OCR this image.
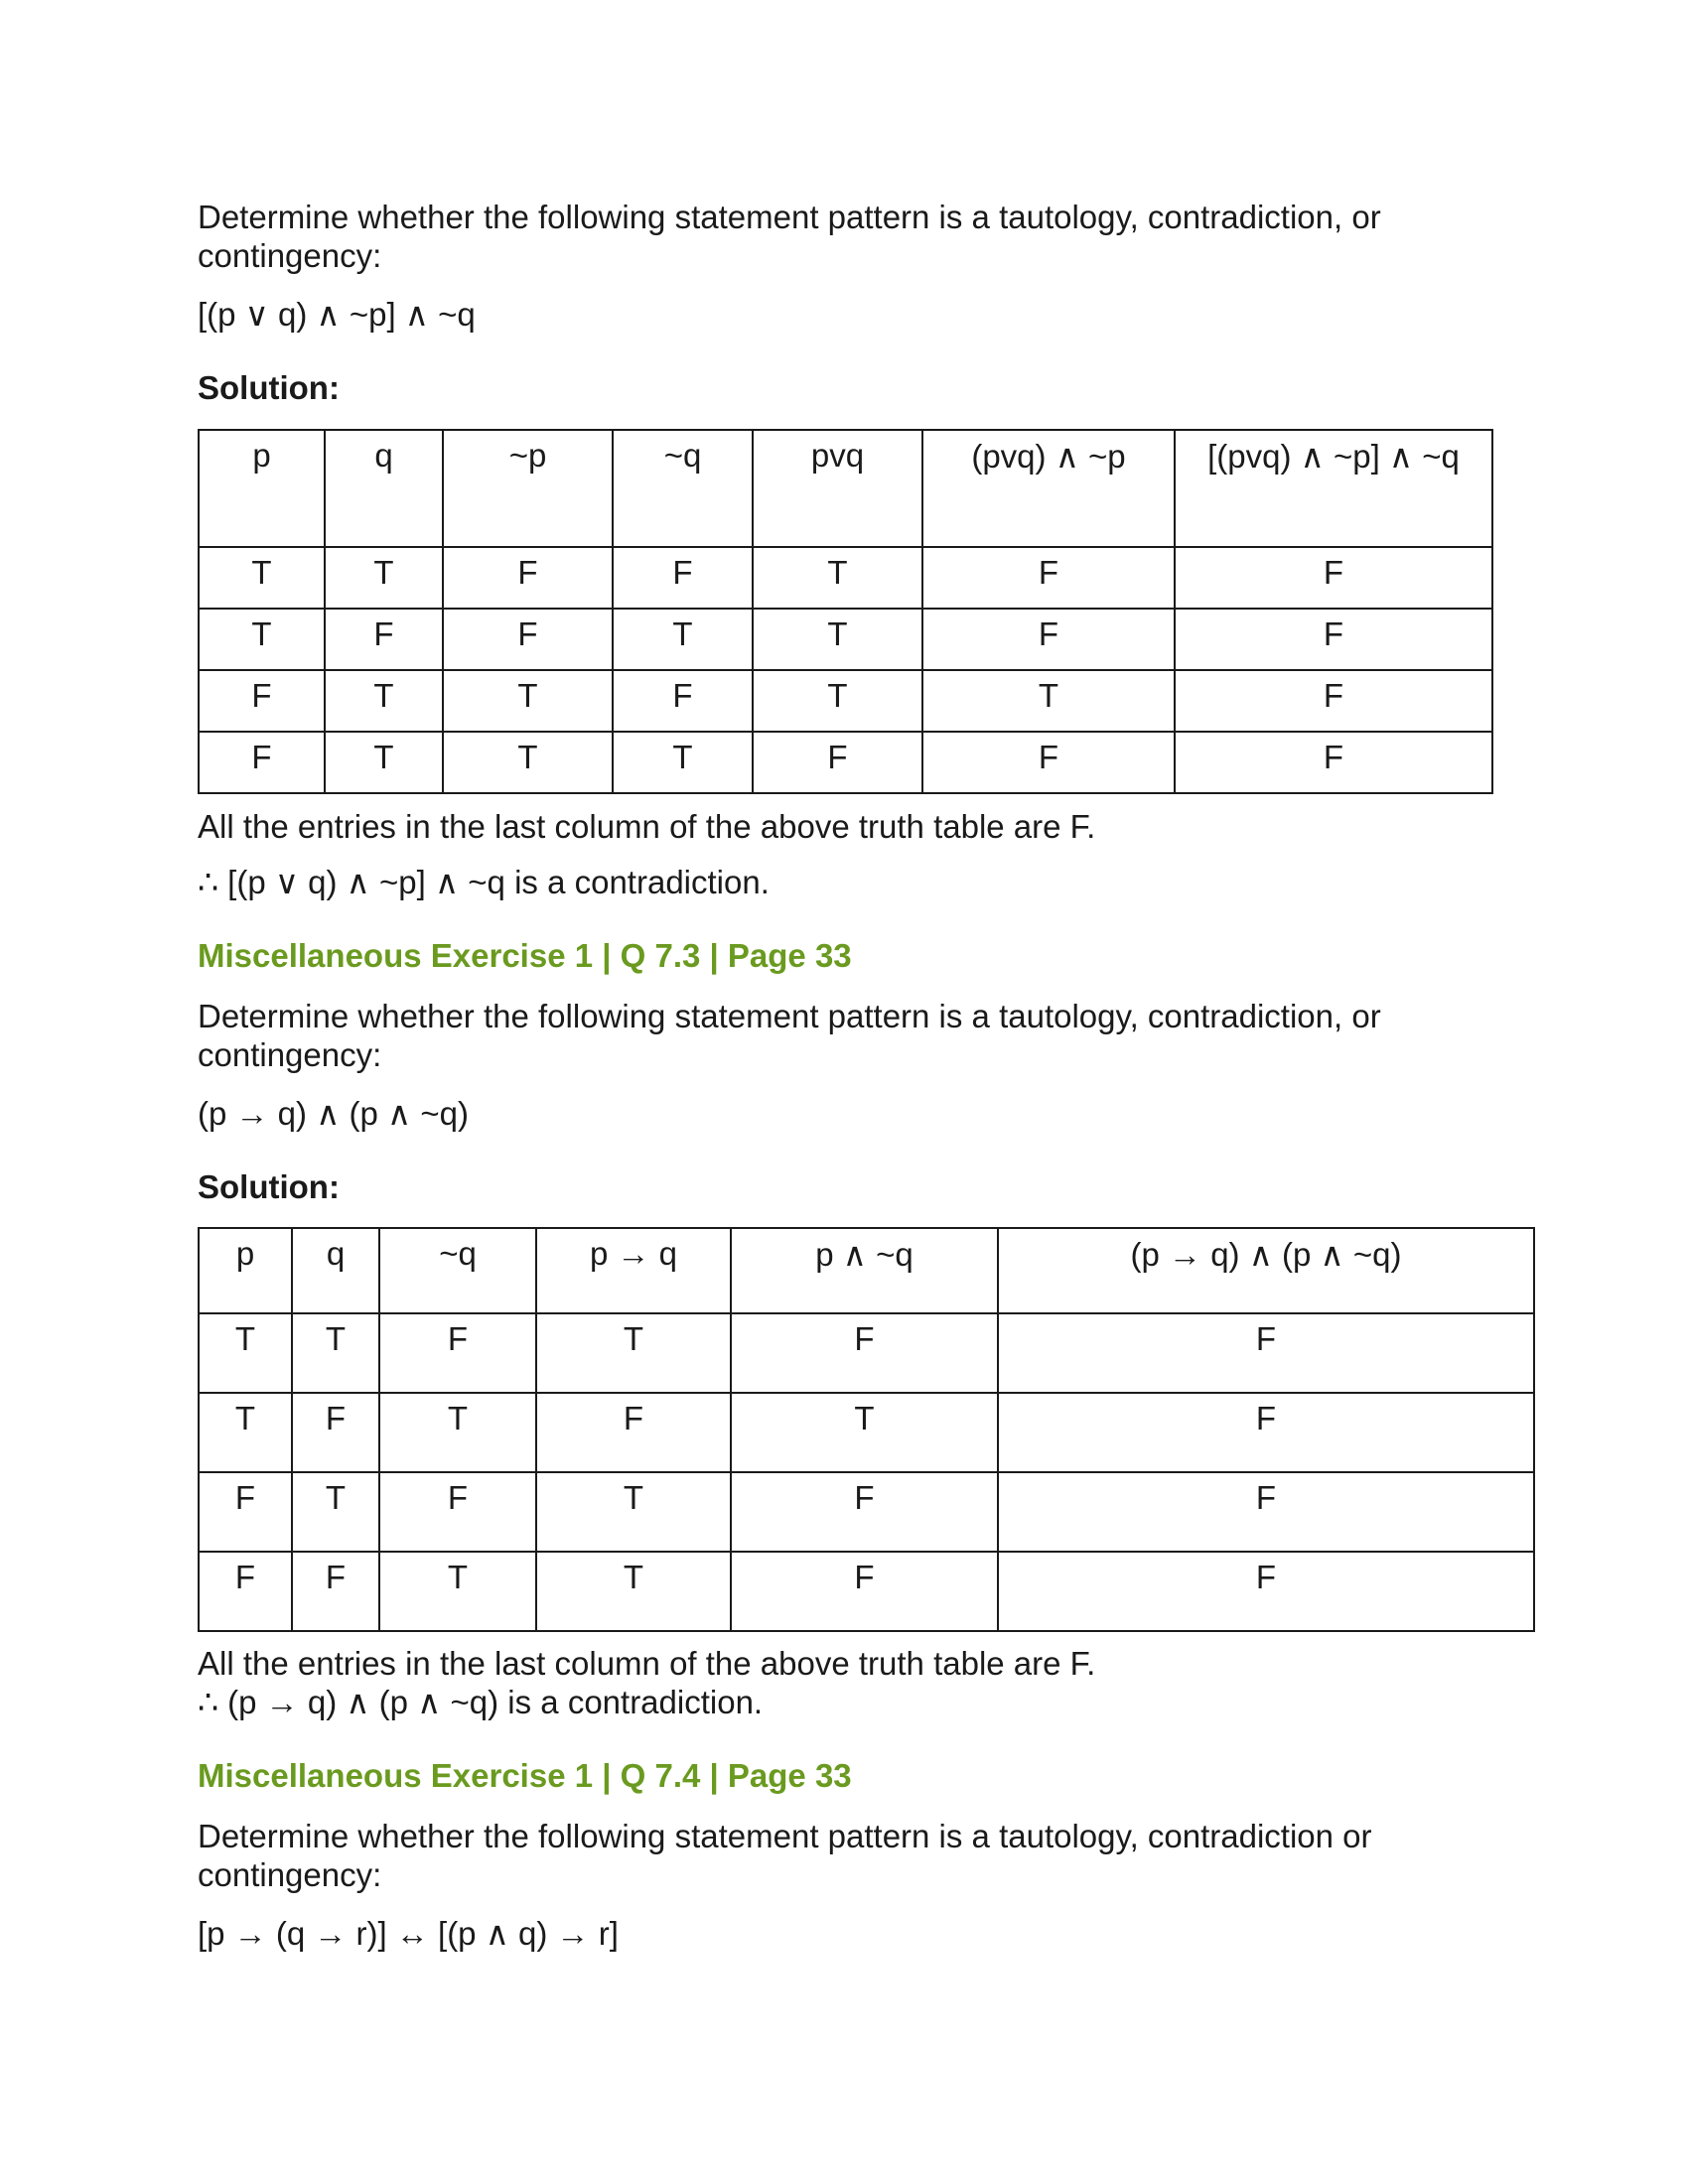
Determine whether the following statement pattern is a tautology, contradiction, or

contingency:

[(p ∨ q) ∧ ~p] ∧ ~q

Solution:

p	q	~p	~q	pvq	(pvq) ∧ ~p	[(pvq) ∧ ~p] ∧ ~q
T	T	F	F	T	F	F
T	F	F	T	T	F	F
F	T	T	F	T	T	F
F	T	T	T	F	F	F

All the entries in the last column of the above truth table are F.

∴ [(p ∨ q) ∧ ~p] ∧ ~q is a contradiction.

Miscellaneous Exercise 1 | Q 7.3 | Page 33

Determine whether the following statement pattern is a tautology, contradiction, or

contingency:

(p → q) ∧ (p ∧ ~q)

Solution:

p	q	~q	p → q	p ∧ ~q	(p → q) ∧ (p ∧ ~q)
T	T	F	T	F	F
T	F	T	F	T	F
F	T	F	T	F	F
F	F	T	T	F	F

All the entries in the last column of the above truth table are F.

∴ (p → q) ∧ (p ∧ ~q) is a contradiction.

Miscellaneous Exercise 1 | Q 7.4 | Page 33

Determine whether the following statement pattern is a tautology, contradiction or

contingency:

[p → (q → r)] ↔ [(p ∧ q) → r]
